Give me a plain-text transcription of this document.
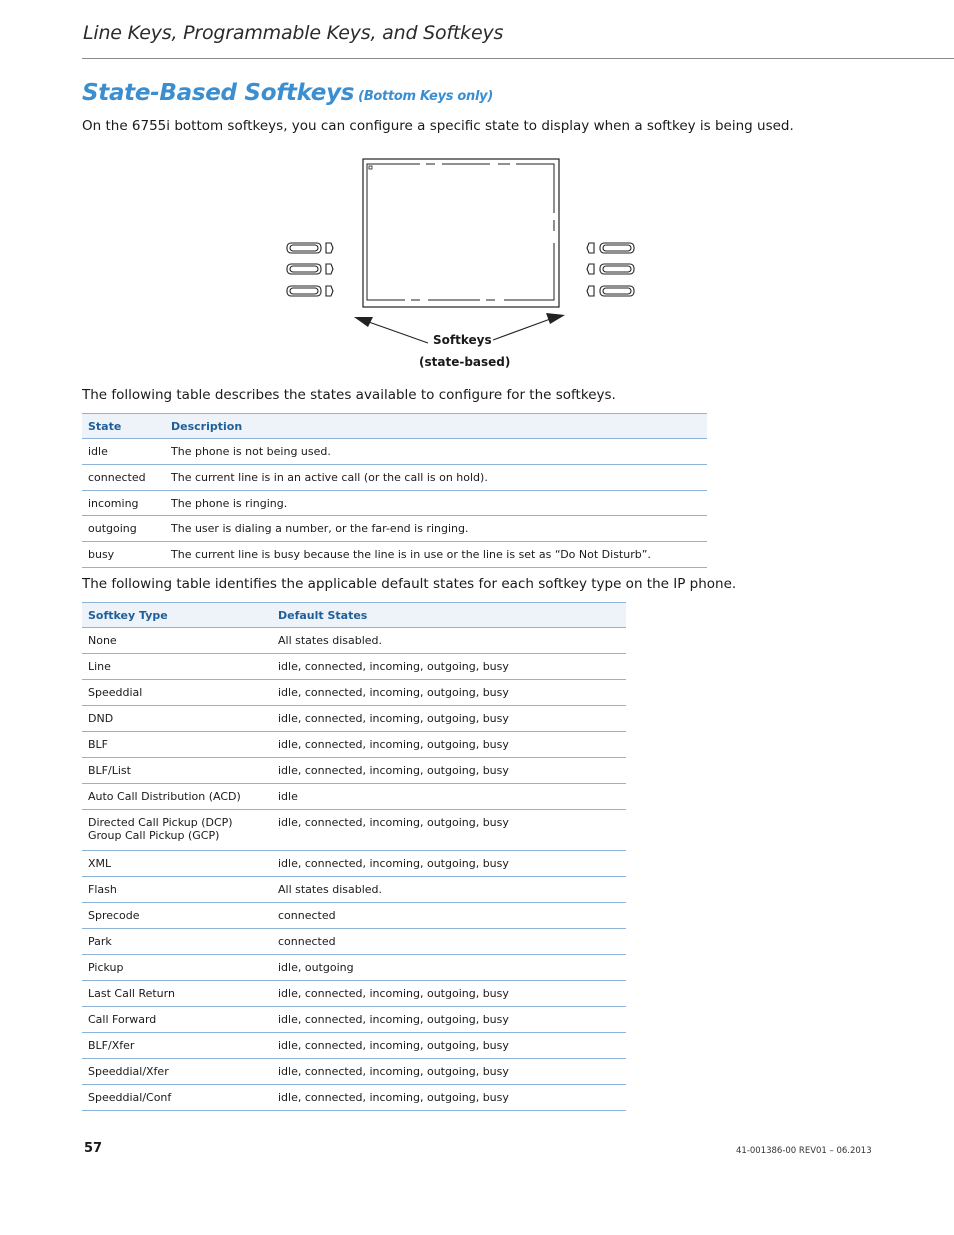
Line Keys, Programmable Keys, and Softkeys
State-Based Softkeys (Bottom Keys only)
On the 6755i bottom softkeys, you can configure a specific state to display when a softkey is being used.
Softkeys
(state-based)
The following table describes the states available to configure for the softkeys.
State	Description
idle	The phone is not being used.
connected	The current line is in an active call (or the call is on hold).
incoming	The phone is ringing.
outgoing	The user is dialing a number, or the far-end is ringing.
busy	The current line is busy because the line is in use or the line is set as “Do Not Disturb”.
The following table identifies the applicable default states for each softkey type on the IP phone.
Softkey Type	Default States
None	All states disabled.
Line	idle, connected, incoming, outgoing, busy
Speeddial	idle, connected, incoming, outgoing, busy
DND	idle, connected, incoming, outgoing, busy
BLF	idle, connected, incoming, outgoing, busy
BLF/List	idle, connected, incoming, outgoing, busy
Auto Call Distribution (ACD)	idle
Directed Call Pickup (DCP)
Group Call Pickup (GCP)	idle, connected, incoming, outgoing, busy
XML	idle, connected, incoming, outgoing, busy
Flash	All states disabled.
Sprecode	connected
Park	connected
Pickup	idle, outgoing
Last Call Return	idle, connected, incoming, outgoing, busy
Call Forward	idle, connected, incoming, outgoing, busy
BLF/Xfer	idle, connected, incoming, outgoing, busy
Speeddial/Xfer	idle, connected, incoming, outgoing, busy
Speeddial/Conf	idle, connected, incoming, outgoing, busy
57	41-001386-00 REV01 – 06.2013
